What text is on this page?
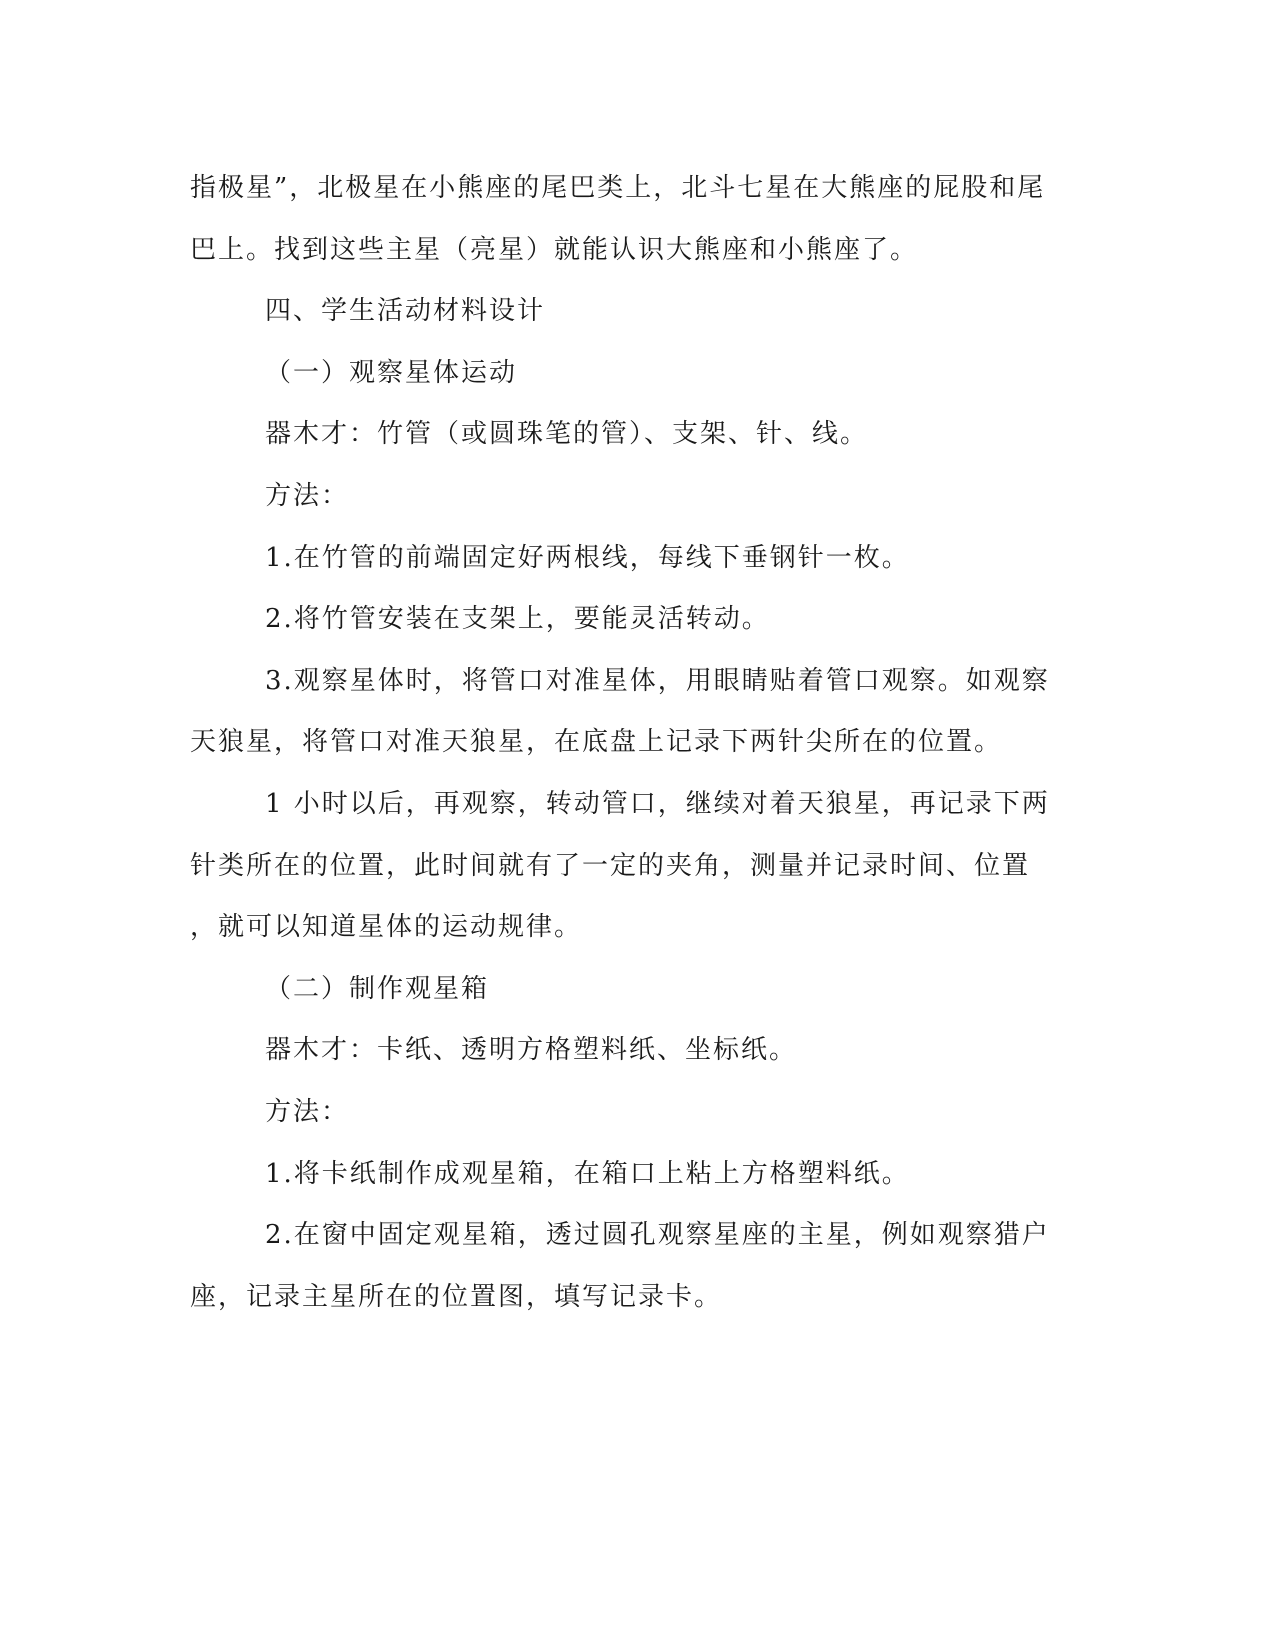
指极星”，北极星在小熊座的尾巴类上，北斗七星在大熊座的屁股和尾
巴上。找到这些主星（亮星）就能认识大熊座和小熊座了。
四、学生活动材料设计
（一）观察星体运动
器木才：竹管（或圆珠笔的管）、支架、针、线。
方法：
1.在竹管的前端固定好两根线，每线下垂钢针一枚。
2.将竹管安装在支架上，要能灵活转动。
3.观察星体时，将管口对准星体，用眼睛贴着管口观察。如观察
天狼星，将管口对准天狼星，在底盘上记录下两针尖所在的位置。
1 小时以后，再观察，转动管口，继续对着天狼星，再记录下两
针类所在的位置，此时间就有了一定的夹角，测量并记录时间、位置
，就可以知道星体的运动规律。
（二）制作观星箱
器木才：卡纸、透明方格塑料纸、坐标纸。
方法：
1.将卡纸制作成观星箱，在箱口上粘上方格塑料纸。
2.在窗中固定观星箱，透过圆孔观察星座的主星，例如观察猎户
座，记录主星所在的位置图，填写记录卡。
